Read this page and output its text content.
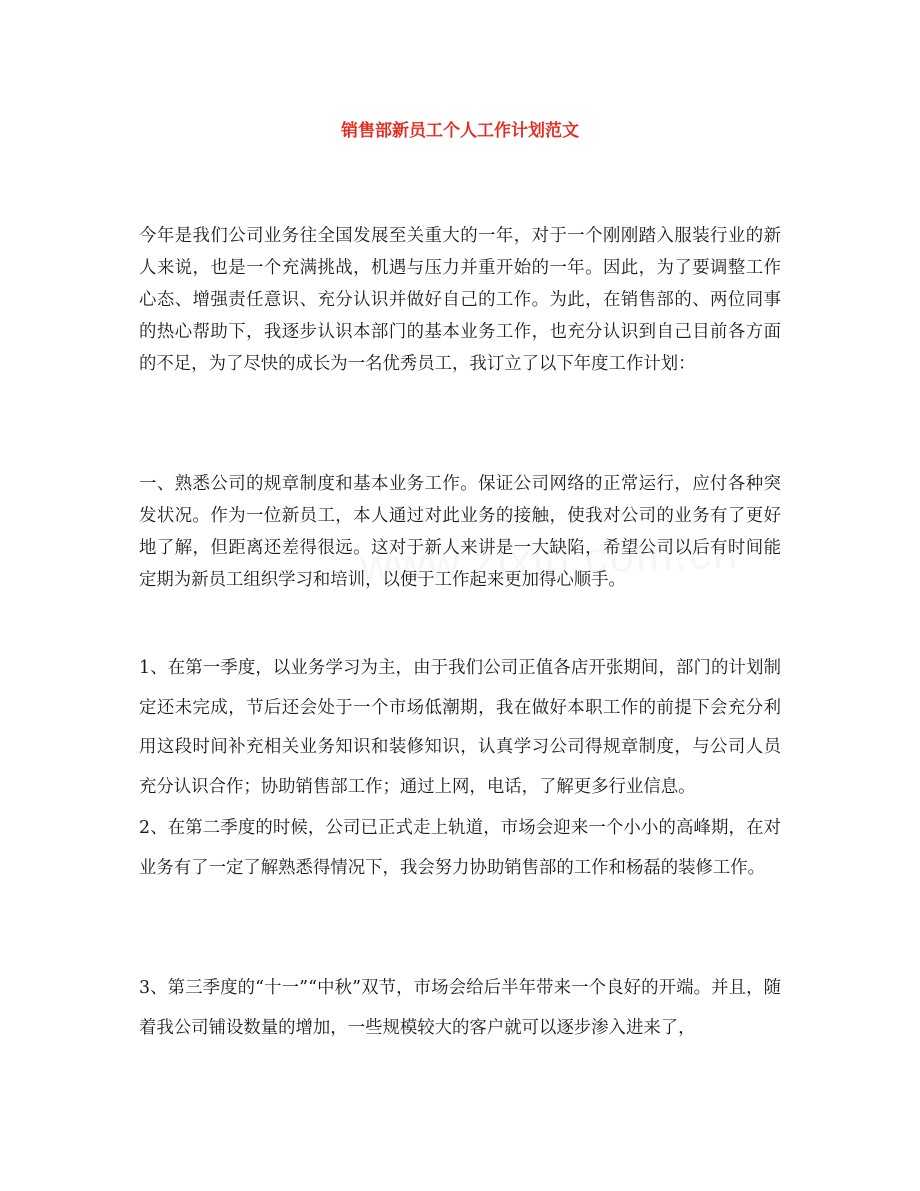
销售部新员工个人工作计划范文

今年是我们公司业务往全国发展至关重大的一年，对于一个刚刚踏入服装行业的新人来说，也是一个充满挑战，机遇与压力并重开始的一年。因此，为了要调整工作心态、增强责任意识、充分认识并做好自己的工作。为此，在销售部的、两位同事的热心帮助下，我逐步认识本部门的基本业务工作，也充分认识到自己目前各方面的不足，为了尽快的成长为一名优秀员工，我订立了以下年度工作计划：

一、熟悉公司的规章制度和基本业务工作。保证公司网络的正常运行，应付各种突发状况。作为一位新员工，本人通过对此业务的接触，使我对公司的业务有了更好地了解，但距离还差得很远。这对于新人来讲是一大缺陷，希望公司以后有时间能定期为新员工组织学习和培训，以便于工作起来更加得心顺手。

1、在第一季度，以业务学习为主，由于我们公司正值各店开张期间，部门的计划制定还未完成，节后还会处于一个市场低潮期，我在做好本职工作的前提下会充分利用这段时间补充相关业务知识和装修知识，认真学习公司得规章制度，与公司人员充分认识合作；协助销售部工作；通过上网，电话，了解更多行业信息。

2、在第二季度的时候，公司已正式走上轨道，市场会迎来一个小小的高峰期，在对业务有了一定了解熟悉得情况下，我会努力协助销售部的工作和杨磊的装修工作。

3、第三季度的“十一”“中秋”双节，市场会给后半年带来一个良好的开端。并且，随着我公司铺设数量的增加，一些规模较大的客户就可以逐步渗入进来了，
